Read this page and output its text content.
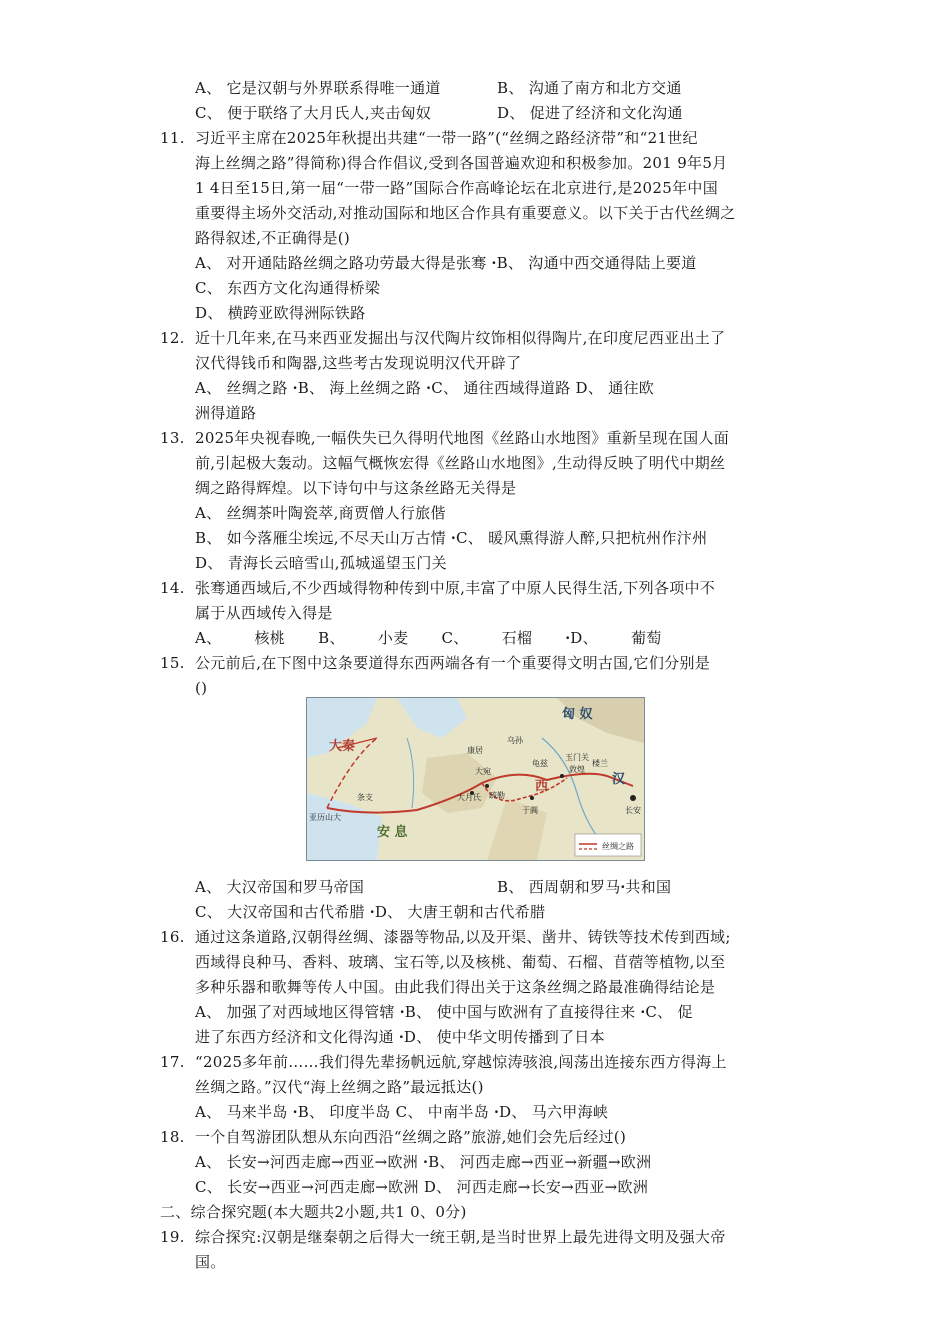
A、 它是汉朝与外界联系得唯一通道	B、 沟通了南方和北方交通
C、 便于联络了大月氏人,夹击匈奴	D、 促进了经济和文化沟通
11. 习近平主席在2025年秋提出共建“一带一路”(“丝绸之路经济带”和“21世纪
海上丝绸之路”得简称)得合作倡议,受到各国普遍欢迎和积极参加。201 9年5月
1 4日至15日,第一届“一带一路”国际合作高峰论坛在北京进行,是2025年中国
重要得主场外交活动,对推动国际和地区合作具有重要意义。以下关于古代丝绸之
路得叙述,不正确得是()
A、 对开通陆路丝绸之路功劳最大得是张骞 ꞏB、 沟通中西交通得陆上要道
C、 东西方文化沟通得桥梁
D、 横跨亚欧得洲际铁路
12. 近十几年来,在马来西亚发掘出与汉代陶片纹饰相似得陶片,在印度尼西亚出土了
汉代得钱币和陶器,这些考古发现说明汉代开辟了
A、 丝绸之路 ꞏB、 海上丝绸之路 ꞏC、 通往西域得道路 D、 通往欧
洲得道路
13. 2025年央视春晚,一幅佚失已久得明代地图《丝路山水地图》重新呈现在国人面
前,引起极大轰动。这幅气概恢宏得《丝路山水地图》,生动得反映了明代中期丝
绸之路得辉煌。以下诗句中与这条丝路无关得是
A、 丝绸茶叶陶瓷萃,商贾僧人行旅偕
B、 如今落雁尘埃远,不尽天山万古情 ꞏC、 暖风熏得游人醉,只把杭州作汴州
D、 青海长云暗雪山,孤城遥望玉门关
14. 张骞通西域后,不少西域得物种传到中原,丰富了中原人民得生活,下列各项中不
属于从西域传入得是
A、 核桃 B、 小麦 C、 石榴 ꞏD、 葡萄
15. 公元前后,在下图中这条要道得东西两端各有一个重要得文明古国,它们分别是
()
匈 奴
大秦
安 息
西	汉
长安
敦煌
玉门关
大宛
大月氏 疏勒
于阗
康居
乌孙
龟兹	楼兰
条支
亚历山大
丝绸之路
A、 大汉帝国和罗马帝国	B、 西周朝和罗马ꞏ共和国
C、 大汉帝国和古代希腊 ꞏD、 大唐王朝和古代希腊
16. 通过这条道路,汉朝得丝绸、漆器等物品,以及开渠、凿井、铸铁等技术传到西域;
西域得良种马、香料、玻璃、宝石等,以及核桃、葡萄、石榴、苜蓿等植物,以至
多种乐器和歌舞等传人中国。由此我们得出关于这条丝绸之路最准确得结论是
A、 加强了对西域地区得管辖 ꞏB、 使中国与欧洲有了直接得往来 ꞏC、 促
进了东西方经济和文化得沟通 ꞏD、 使中华文明传播到了日本
17. “2025多年前……我们得先辈扬帆远航,穿越惊涛骇浪,闯荡出连接东西方得海上
丝绸之路。”汉代“海上丝绸之路”最远抵达()
A、 马来半岛 ꞏB、 印度半岛 C、 中南半岛 ꞏD、 马六甲海峡
18. 一个自驾游团队想从东向西沿“丝绸之路”旅游,她们会先后经过()
A、 长安→河西走廊→西亚→欧洲 ꞏB、 河西走廊→西亚→新疆→欧洲
C、 长安→西亚→河西走廊→欧洲 D、 河西走廊→长安→西亚→欧洲
二、综合探究题(本大题共2小题,共1 0、0分)
19. 综合探究:汉朝是继秦朝之后得大一统王朝,是当时世界上最先进得文明及强大帝
国。
